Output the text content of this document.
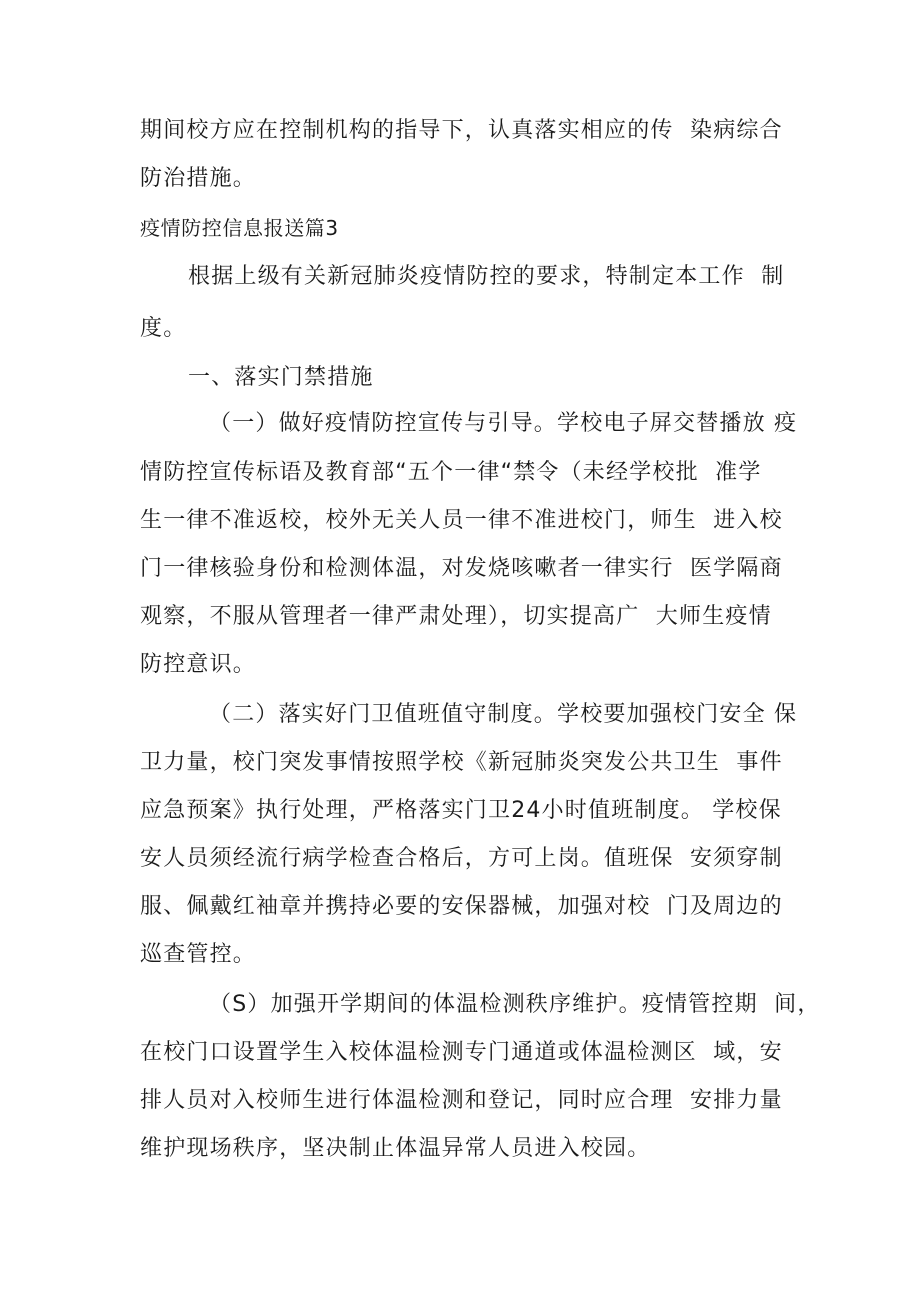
期间校方应在控制机构的指导下，认真落实相应的传  染病综合
防治措施。
疫情防控信息报送篇3
根据上级有关新冠肺炎疫情防控的要求，特制定本工作  制
度。
一、落实门禁措施
（一）做好疫情防控宣传与引导。学校电子屏交替播放 疫
情防控宣传标语及教育部“五个一律“禁令（未经学校批  准学
生一律不准返校，校外无关人员一律不准进校门，师生  进入校
门一律核验身份和检测体温，对发烧咳嗽者一律实行  医学隔商
观察，不服从管理者一律严肃处理），切实提高广  大师生疫情
防控意识。
（二）落实好门卫值班值守制度。学校要加强校门安全 保
卫力量，校门突发事情按照学校《新冠肺炎突发公共卫生  事件
应急预案》执行处理，严格落实门卫24小时值班制度。 学校保
安人员须经流行病学检查合格后，方可上岗。值班保  安须穿制
服、佩戴红袖章并携持必要的安保器械，加强对校  门及周边的
巡查管控。
（S）加强开学期间的体温检测秩序维护。疫情管控期  间，
在校门口设置学生入校体温检测专门通道或体温检测区  域，安
排人员对入校师生进行体温检测和登记，同时应合理  安排力量
维护现场秩序，坚决制止体温异常人员进入校园。
